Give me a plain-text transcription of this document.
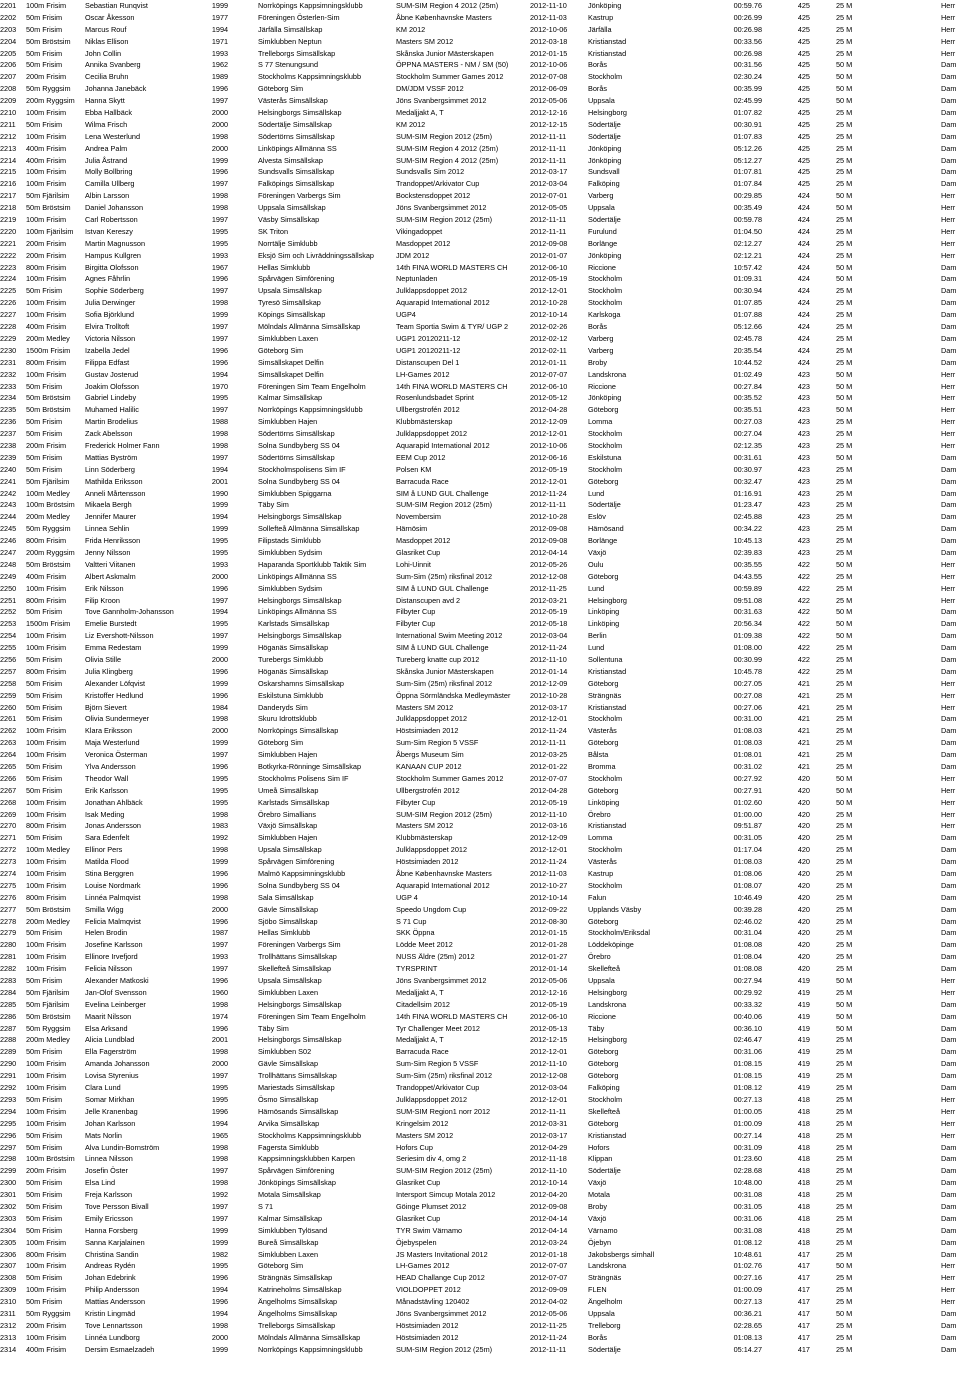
2201	100m Frisim	Sebastian Runqvist	1999	Norrköpings Kappsimningsklubb	SUM-SIM Region 4 2012 (25m)	2012-11-10	Jönköping	00:59.76	425	25 M	Herr
2202	50m Frisim	Oscar Åkesson	1977	Föreningen Österlen-Sim	Åbne Københavnske Masters	2012-11-03	Kastrup	00:26.99	425	25 M	Herr
2203	50m Frisim	Marcus Rouf	1994	Järfälla Simsällskap	KM 2012	2012-10-06	Järfälla	00:26.98	425	25 M	Herr
2204	50m Bröstsim	Niklas Ellison	1971	Simklubben Neptun	Masters SM 2012	2012-03-18	Kristianstad	00:33.56	425	25 M	Herr
2205	50m Frisim	John Collin	1993	Trelleborgs Simsällskap	Skånska Junior Mästerskapen	2012-01-15	Kristianstad	00:26.98	425	25 M	Herr
2206	50m Frisim	Annika Svanberg	1962	S 77 Stenungsund	ÖPPNA MASTERS - NM / SM (50)	2012-10-06	Borås	00:31.56	425	50 M	Dam
2207	200m Frisim	Cecilia Bruhn	1989	Stockholms Kappsimningsklubb	Stockholm Summer Games 2012	2012-07-08	Stockholm	02:30.24	425	50 M	Dam
2208	50m Ryggsim	Johanna Janebäck	1996	Göteborg Sim	DM/JDM VSSF 2012	2012-06-09	Borås	00:35.99	425	50 M	Dam
2209	200m Ryggsim	Hanna Skytt	1997	Västerås Simsällskap	Jöns Svanbergsimmet 2012	2012-05-06	Uppsala	02:45.99	425	50 M	Dam
2210	100m Frisim	Ebba Hallbäck	2000	Helsingborgs Simsällskap	Medaljjakt A, T	2012-12-16	Helsingborg	01:07.82	425	25 M	Dam
2211	50m Frisim	Wilma Frisch	2000	Södertälje Simsällskap	KM 2012	2012-12-15	Södertälje	00:30.91	425	25 M	Dam
2212	100m Frisim	Lena Westerlund	1998	Södertörns Simsällskap	SUM-SIM Region 2012 (25m)	2012-11-11	Södertälje	01:07.83	425	25 M	Dam
2213	400m Frisim	Andrea Palm	2000	Linköpings Allmänna SS	SUM-SIM Region 4 2012 (25m)	2012-11-11	Jönköping	05:12.26	425	25 M	Dam
2214	400m Frisim	Julia Åstrand	1999	Alvesta Simsällskap	SUM-SIM Region 4 2012 (25m)	2012-11-11	Jönköping	05:12.27	425	25 M	Dam
2215	100m Frisim	Molly Bollbring	1996	Sundsvalls Simsällskap	Sundsvalls Sim 2012	2012-03-17	Sundsvall	01:07.81	425	25 M	Dam
2216	100m Frisim	Camilla Ullberg	1997	Falköpings Simsällskap	Trandoppet/Arkivator Cup	2012-03-04	Falköping	01:07.84	425	25 M	Dam
2217	50m Fjärilsim	Albin Larsson	1998	Föreningen Varbergs Sim	Bockstensdoppet 2012	2012-07-01	Varberg	00:29.85	424	50 M	Herr
2218	50m Bröstsim	Daniel Johansson	1998	Uppsala Simsällskap	Jöns Svanbergsimmet 2012	2012-05-05	Uppsala	00:35.49	424	50 M	Herr
2219	100m Frisim	Carl Robertsson	1997	Väsby Simsällskap	SUM-SIM Region 2012 (25m)	2012-11-11	Södertälje	00:59.78	424	25 M	Herr
2220	100m Fjärilsim	Istvan Kereszy	1995	SK Triton	Vikingadoppet	2012-11-11	Furulund	01:04.50	424	25 M	Herr
2221	200m Frisim	Martin Magnusson	1995	Norrtälje Simklubb	Masdoppet 2012	2012-09-08	Borlänge	02:12.27	424	25 M	Herr
2222	200m Frisim	Hampus Kullgren	1993	Eksjö Sim och Livräddningssällskap	JDM 2012	2012-01-07	Jönköping	02:12.21	424	25 M	Herr
2223	800m Frisim	Birgitta Olofsson	1967	Hellas Simklubb	14th FINA WORLD MASTERS CH	2012-06-10	Riccione	10:57.42	424	50 M	Dam
2224	100m Frisim	Agnes Fåhrlin	1996	Spårvägen Simförening	Neptunladen	2012-05-19	Stockholm	01:09.31	424	50 M	Dam
2225	50m Frisim	Sophie Söderberg	1997	Upsala Simsällskap	Julklappsdoppet 2012	2012-12-01	Stockholm	00:30.94	424	25 M	Dam
2226	100m Frisim	Julia Derwinger	1998	Tyresö Simsällskap	Aquarapid International 2012	2012-10-28	Stockholm	01:07.85	424	25 M	Dam
2227	100m Frisim	Sofia Björklund	1999	Köpings Simsällskap	UGP4	2012-10-14	Karlskoga	01:07.88	424	25 M	Dam
2228	400m Frisim	Elvira Trolltoft	1997	Mölndals Allmänna Simsällskap	Team Sportia Swim & TYR/ UGP 2	2012-02-26	Borås	05:12.66	424	25 M	Dam
2229	200m Medley	Victoria Nilsson	1997	Simklubben Laxen	UGP1 20120211-12	2012-02-12	Varberg	02:45.78	424	25 M	Dam
2230	1500m Frisim	Izabella Jedel	1996	Göteborg Sim	UGP1 20120211-12	2012-02-11	Varberg	20:35.54	424	25 M	Dam
2231	800m Frisim	Filippa Edfast	1996	Simsällskapet Delfin	Distanscupen Del 1	2012-01-11	Broby	10:44.52	424	25 M	Dam
2232	100m Frisim	Gustav Josterud	1994	Simsällskapet Delfin	LH-Games 2012	2012-07-07	Landskrona	01:02.49	423	50 M	Herr
2233	50m Frisim	Joakim Olofsson	1970	Föreningen Sim Team Engelholm	14th FINA WORLD MASTERS CH	2012-06-10	Riccione	00:27.84	423	50 M	Herr
2234	50m Bröstsim	Gabriel Lindeby	1995	Kalmar Simsällskap	Rosenlundsbadet Sprint	2012-05-12	Jönköping	00:35.52	423	50 M	Herr
2235	50m Bröstsim	Muhamed Halilic	1997	Norrköpings Kappsimningsklubb	Ullbergstrofén 2012	2012-04-28	Göteborg	00:35.51	423	50 M	Herr
2236	50m Frisim	Martin Brodelius	1988	Simklubben Hajen	Klubbmästerskap	2012-12-09	Lomma	00:27.03	423	25 M	Herr
2237	50m Frisim	Zack Abelsson	1998	Södertörns Simsällskap	Julklappsdoppet 2012	2012-12-01	Stockholm	00:27.04	423	25 M	Herr
2238	200m Frisim	Frederick Holmer Fann	1998	Solna Sundbyberg SS 04	Aquarapid International 2012	2012-10-06	Stockholm	02:12.35	423	25 M	Herr
2239	50m Frisim	Mattias Byström	1997	Södertörns Simsällskap	EEM Cup 2012	2012-06-16	Eskilstuna	00:31.61	423	50 M	Dam
2240	50m Frisim	Linn Söderberg	1994	Stockholmspolisens Sim IF	Polsen KM	2012-05-19	Stockholm	00:30.97	423	25 M	Dam
2241	50m Fjärilsim	Mathilda Eriksson	2001	Solna Sundbyberg SS 04	Barracuda Race	2012-12-01	Göteborg	00:32.47	423	25 M	Dam
2242	100m Medley	Anneli Mårtensson	1990	Simklubben Spiggarna	SIM å LUND GUL Challenge	2012-11-24	Lund	01:16.91	423	25 M	Dam
2243	100m Bröstsim	Mikaela Bergh	1999	Täby Sim	SUM-SIM Region 2012 (25m)	2012-11-11	Södertälje	01:23.47	423	25 M	Dam
2244	200m Medley	Jennifer Maurer	1994	Helsingborgs Simsällskap	Novembersim	2012-10-28	Eslöv	02:45.88	423	25 M	Dam
2245	50m Ryggsim	Linnea Sehlin	1999	Sollefteå Allmänna Simsällskap	Härnösim	2012-09-08	Härnösand	00:34.22	423	25 M	Dam
2246	800m Frisim	Frida Henriksson	1995	Filipstads Simklubb	Masdoppet 2012	2012-09-08	Borlänge	10:45.13	423	25 M	Dam
2247	200m Ryggsim	Jenny Nilsson	1995	Simklubben Sydsim	Glasriket Cup	2012-04-14	Växjö	02:39.83	423	25 M	Dam
2248	50m Bröstsim	Valtteri Viitanen	1993	Haparanda Sportklubb Taktik Sim	Lohi-Uinnit	2012-05-26	Oulu	00:35.55	422	50 M	Herr
2249	400m Frisim	Albert Askmalm	2000	Linköpings Allmänna SS	Sum-Sim (25m) riksfinal 2012	2012-12-08	Göteborg	04:43.55	422	25 M	Herr
2250	100m Frisim	Erik Nilsson	1996	Simklubben Sydsim	SIM å LUND GUL Challenge	2012-11-25	Lund	00:59.89	422	25 M	Herr
2251	800m Frisim	Filip Kroon	1997	Helsingborgs Simsällskap	Distanscupen avd 2	2012-03-21	Helsingborg	09:51.08	422	25 M	Herr
2252	50m Frisim	Tove Gannholm-Johansson	1994	Linköpings Allmänna SS	Filbyter Cup	2012-05-19	Linköping	00:31.63	422	50 M	Dam
2253	1500m Frisim	Emelie Burstedt	1995	Karlstads Simsällskap	Filbyter Cup	2012-05-18	Linköping	20:56.34	422	50 M	Dam
2254	100m Frisim	Liz Evershott-Nilsson	1997	Helsingborgs Simsällskap	International Swim Meeting 2012	2012-03-04	Berlin	01:09.38	422	50 M	Dam
2255	100m Frisim	Emma Redestam	1999	Höganäs Simsällskap	SIM å LUND GUL Challenge	2012-11-24	Lund	01:08.00	422	25 M	Dam
2256	50m Frisim	Olivia Stille	2000	Turebergs Simklubb	Tureberg knatte cup 2012	2012-11-10	Sollentuna	00:30.99	422	25 M	Dam
2257	800m Frisim	Julia Klingberg	1996	Höganäs Simsällskap	Skånska Junior Mästerskapen	2012-01-14	Kristianstad	10:45.78	422	25 M	Dam
2258	50m Frisim	Alexander Löfqvist	1999	Oskarshamns Simsällskap	Sum-Sim (25m) riksfinal 2012	2012-12-09	Göteborg	00:27.05	421	25 M	Herr
2259	50m Frisim	Kristoffer Hedlund	1996	Eskilstuna Simklubb	Öppna Sörmländska Medleymäster	2012-10-28	Strängnäs	00:27.08	421	25 M	Herr
2260	50m Frisim	Björn Sievert	1984	Danderyds Sim	Masters SM 2012	2012-03-17	Kristianstad	00:27.06	421	25 M	Herr
2261	50m Frisim	Olivia Sundermeyer	1998	Skuru Idrottsklubb	Julklappsdoppet 2012	2012-12-01	Stockholm	00:31.00	421	25 M	Dam
2262	100m Frisim	Klara Eriksson	2000	Norrköpings Simsällskap	Höstsimiaden 2012	2012-11-24	Västerås	01:08.03	421	25 M	Dam
2263	100m Frisim	Maja Westerlund	1999	Göteborg Sim	Sum-Sim Region 5 VSSF	2012-11-11	Göteborg	01:08.03	421	25 M	Dam
2264	100m Frisim	Veronica Österman	1997	Simklubben Hajen	Åbergs Museum Sim	2012-03-25	Bålsta	01:08.01	421	25 M	Dam
2265	50m Frisim	Ylva Andersson	1996	Botkyrka-Rönninge Simsällskap	KANAAN CUP 2012	2012-01-22	Bromma	00:31.02	421	25 M	Dam
2266	50m Frisim	Theodor Wall	1995	Stockholms Polisens Sim IF	Stockholm Summer Games 2012	2012-07-07	Stockholm	00:27.92	420	50 M	Herr
2267	50m Frisim	Erik Karlsson	1995	Umeå Simsällskap	Ullbergstrofén 2012	2012-04-28	Göteborg	00:27.91	420	50 M	Herr
2268	100m Frisim	Jonathan Ahlbäck	1995	Karlstads Simsällskap	Filbyter Cup	2012-05-19	Linköping	01:02.60	420	50 M	Herr
2269	100m Frisim	Isak Meding	1998	Örebro Simallians	SUM-SIM Region 2012 (25m)	2012-11-10	Örebro	01:00.00	420	25 M	Herr
2270	800m Frisim	Jonas Andersson	1983	Växjö Simsällskap	Masters SM 2012	2012-03-16	Kristianstad	09:51.87	420	25 M	Herr
2271	50m Frisim	Sara Edenfelt	1992	Simklubben Hajen	Klubbmästerskap	2012-12-09	Lomma	00:31.05	420	25 M	Dam
2272	100m Medley	Ellinor Pers	1998	Upsala Simsällskap	Julklappsdoppet 2012	2012-12-01	Stockholm	01:17.04	420	25 M	Dam
2273	100m Frisim	Matilda Flood	1999	Spårvägen Simförening	Höstsimiaden 2012	2012-11-24	Västerås	01:08.03	420	25 M	Dam
2274	100m Frisim	Stina Berggren	1996	Malmö Kappsimningsklubb	Åbne Københavnske Masters	2012-11-03	Kastrup	01:08.06	420	25 M	Dam
2275	100m Frisim	Louise Nordmark	1996	Solna Sundbyberg SS 04	Aquarapid International 2012	2012-10-27	Stockholm	01:08.07	420	25 M	Dam
2276	800m Frisim	Linnéa Palmqvist	1998	Sala Simsällskap	UGP 4	2012-10-14	Falun	10:46.49	420	25 M	Dam
2277	50m Bröstsim	Smilla Wigg	2000	Gävle Simsällskap	Speedo Ungdom Cup	2012-09-22	Upplands Väsby	00:39.28	420	25 M	Dam
2278	200m Medley	Felicia Malmqvist	1996	Sjöbo Simsällskap	S 71 Cup	2012-08-30	Göteborg	02:46.02	420	25 M	Dam
2279	50m Frisim	Helen Brodin	1987	Hellas Simklubb	SKK Öppna	2012-01-15	Stockholm/Eriksdal	00:31.04	420	25 M	Dam
2280	100m Frisim	Josefine Karlsson	1997	Föreningen Varbergs Sim	Lödde Meet 2012	2012-01-28	Löddeköpinge	01:08.08	420	25 M	Dam
2281	100m Frisim	Ellinore Irvefjord	1993	Trollhättans Simsällskap	NUSS Äldre (25m) 2012	2012-01-27	Örebro	01:08.04	420	25 M	Dam
2282	100m Frisim	Felicia Nilsson	1997	Skellefteå Simsällskap	TYRSPRINT	2012-01-14	Skellefteå	01:08.08	420	25 M	Dam
2283	50m Frisim	Alexander Matkoski	1996	Upsala Simsällskap	Jöns Svanbergsimmet 2012	2012-05-06	Uppsala	00:27.94	419	50 M	Herr
2284	50m Fjärilsim	Jan-Olof Svensson	1960	Simklubben Laxen	Medaljjakt A, T	2012-12-16	Helsingborg	00:29.92	419	25 M	Herr
2285	50m Fjärilsim	Evelina Leinberger	1998	Helsingborgs Simsällskap	Citadellsim 2012	2012-05-19	Landskrona	00:33.32	419	50 M	Dam
2286	50m Bröstsim	Maarit Nilsson	1974	Föreningen Sim Team Engelholm	14th FINA WORLD MASTERS CH	2012-06-10	Riccione	00:40.06	419	50 M	Dam
2287	50m Ryggsim	Elsa Arksand	1996	Täby Sim	Tyr Challenger Meet 2012	2012-05-13	Täby	00:36.10	419	50 M	Dam
2288	200m Medley	Alicia Lundblad	2001	Helsingborgs Simsällskap	Medaljjakt A, T	2012-12-15	Helsingborg	02:46.47	419	25 M	Dam
2289	50m Frisim	Ella Fagerström	1998	Simklubben S02	Barracuda Race	2012-12-01	Göteborg	00:31.06	419	25 M	Dam
2290	100m Frisim	Amanda Johansson	2000	Gävle Simsällskap	Sum-Sim Region 5 VSSF	2012-11-10	Göteborg	01:08.15	419	25 M	Dam
2291	100m Frisim	Lovisa Styrenius	1997	Trollhättans Simsällskap	Sum-Sim (25m) riksfinal 2012	2012-12-08	Göteborg	01:08.15	419	25 M	Dam
2292	100m Frisim	Clara Lund	1995	Mariestads Simsällskap	Trandoppet/Arkivator Cup	2012-03-04	Falköping	01:08.12	419	25 M	Dam
2293	50m Frisim	Somar Mirkhan	1995	Ösmo Simsällskap	Julklappsdoppet 2012	2012-12-01	Stockholm	00:27.13	418	25 M	Herr
2294	100m Frisim	Jelle Kranenbag	1996	Härnösands Simsällskap	SUM-SIM Region1 norr 2012	2012-11-11	Skellefteå	01:00.05	418	25 M	Herr
2295	100m Frisim	Johan Karlsson	1994	Arvika Simsällskap	Kringelsim 2012	2012-03-31	Göteborg	01:00.09	418	25 M	Herr
2296	50m Frisim	Mats Norlin	1965	Stockholms Kappsimningsklubb	Masters SM 2012	2012-03-17	Kristianstad	00:27.14	418	25 M	Herr
2297	50m Frisim	Alva Lundin-Bornström	1998	Fagersta Simklubb	Hofors Cup	2012-04-29	Hofors	00:31.09	418	25 M	Dam
2298	100m Bröstsim	Linnea Nilsson	1998	Kappsimningsklubben Karpen	Seriesim div 4, omg 2	2012-11-18	Klippan	01:23.60	418	25 M	Dam
2299	200m Frisim	Josefin Öster	1997	Spårvägen Simförening	SUM-SIM Region 2012 (25m)	2012-11-10	Södertälje	02:28.68	418	25 M	Dam
2300	50m Frisim	Elsa Lind	1998	Jönköpings Simsällskap	Glasriket Cup	2012-10-14	Växjö	10:48.00	418	25 M	Dam
2301	50m Frisim	Freja Karlsson	1992	Motala Simsällskap	Intersport Simcup Motala 2012	2012-04-20	Motala	00:31.08	418	25 M	Dam
2302	50m Frisim	Tove Persson Bivall	1997	S 71	Göinge Plumset 2012	2012-09-08	Broby	00:31.05	418	25 M	Dam
2303	50m Frisim	Emily Ericsson	1997	Kalmar Simsällskap	Glasriket Cup	2012-04-14	Växjö	00:31.06	418	25 M	Dam
2304	50m Frisim	Hanna Forsberg	1999	Simklubben Tylösand	TYR Swim Värnamo	2012-04-14	Värnamo	00:31.08	418	25 M	Dam
2305	100m Frisim	Sanna Karjalainen	1999	Bureå Simsällskap	Öjebyspelen	2012-03-24	Öjebyn	01:08.12	418	25 M	Dam
2306	800m Frisim	Christina Sandin	1982	Simklubben Laxen	JS Masters Invitational 2012	2012-01-18	Jakobsbergs simhall	10:48.61	417	25 M	Dam
2307	100m Frisim	Andreas Rydén	1995	Göteborg Sim	LH-Games 2012	2012-07-07	Landskrona	01:02.76	417	50 M	Herr
2308	50m Frisim	Johan Edebrink	1996	Strängnäs Simsällskap	HEAD Challange Cup 2012	2012-07-07	Strängnäs	00:27.16	417	25 M	Herr
2309	100m Frisim	Philip Andersson	1994	Katrineholms Simsällskap	VIOLDOPPET 2012	2012-09-09	FLEN	01:00.09	417	25 M	Herr
2310	50m Frisim	Mattias Andersson	1996	Ängelholms Simsällskap	Månadstävling 120402	2012-04-02	Ängelholm	00:27.13	417	25 M	Herr
2311	50m Ryggsim	Kristin Lingmäd	1994	Ängelholms Simsällskap	Jöns Svanbergsimmet 2012	2012-05-06	Uppsala	00:36.21	417	50 M	Dam
2312	200m Frisim	Tove Lennartsson	1998	Trelleborgs Simsällskap	Höstsimiaden 2012	2012-11-25	Trelleborg	02:28.65	417	25 M	Dam
2313	100m Frisim	Linnéa Lundborg	2000	Mölndals Allmänna Simsällskap	Höstsimiaden 2012	2012-11-24	Borås	01:08.13	417	25 M	Dam
2314	400m Frisim	Dersim Esmaelzadeh	1999	Norrköpings Kappsimningsklubb	SUM-SIM Region 2012 (25m)	2012-11-11	Södertälje	05:14.27	417	25 M	Dam
